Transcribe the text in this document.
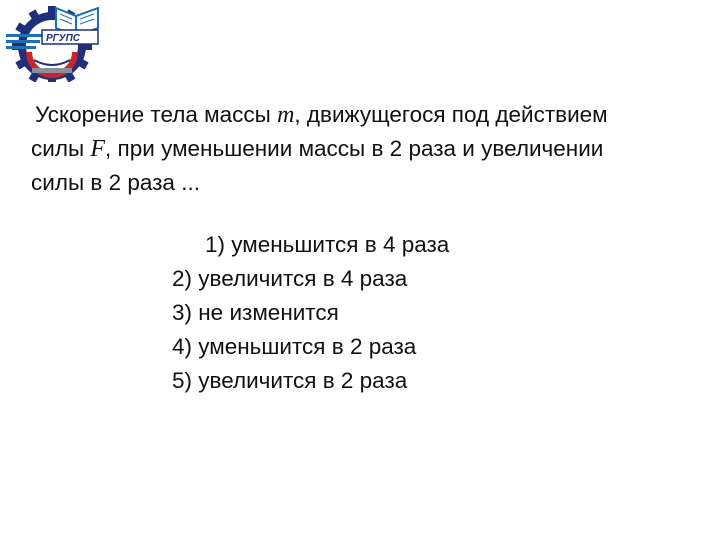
РГУПС

Ускорение тела массы m, движущегося под действием
силы F, при уменьшении массы в 2 раза и увеличении
силы в 2 раза ...

1) уменьшится в 4 раза
2) увеличится в 4 раза
3) не изменится
4) уменьшится в 2 раза
5) увеличится в 2 раза
